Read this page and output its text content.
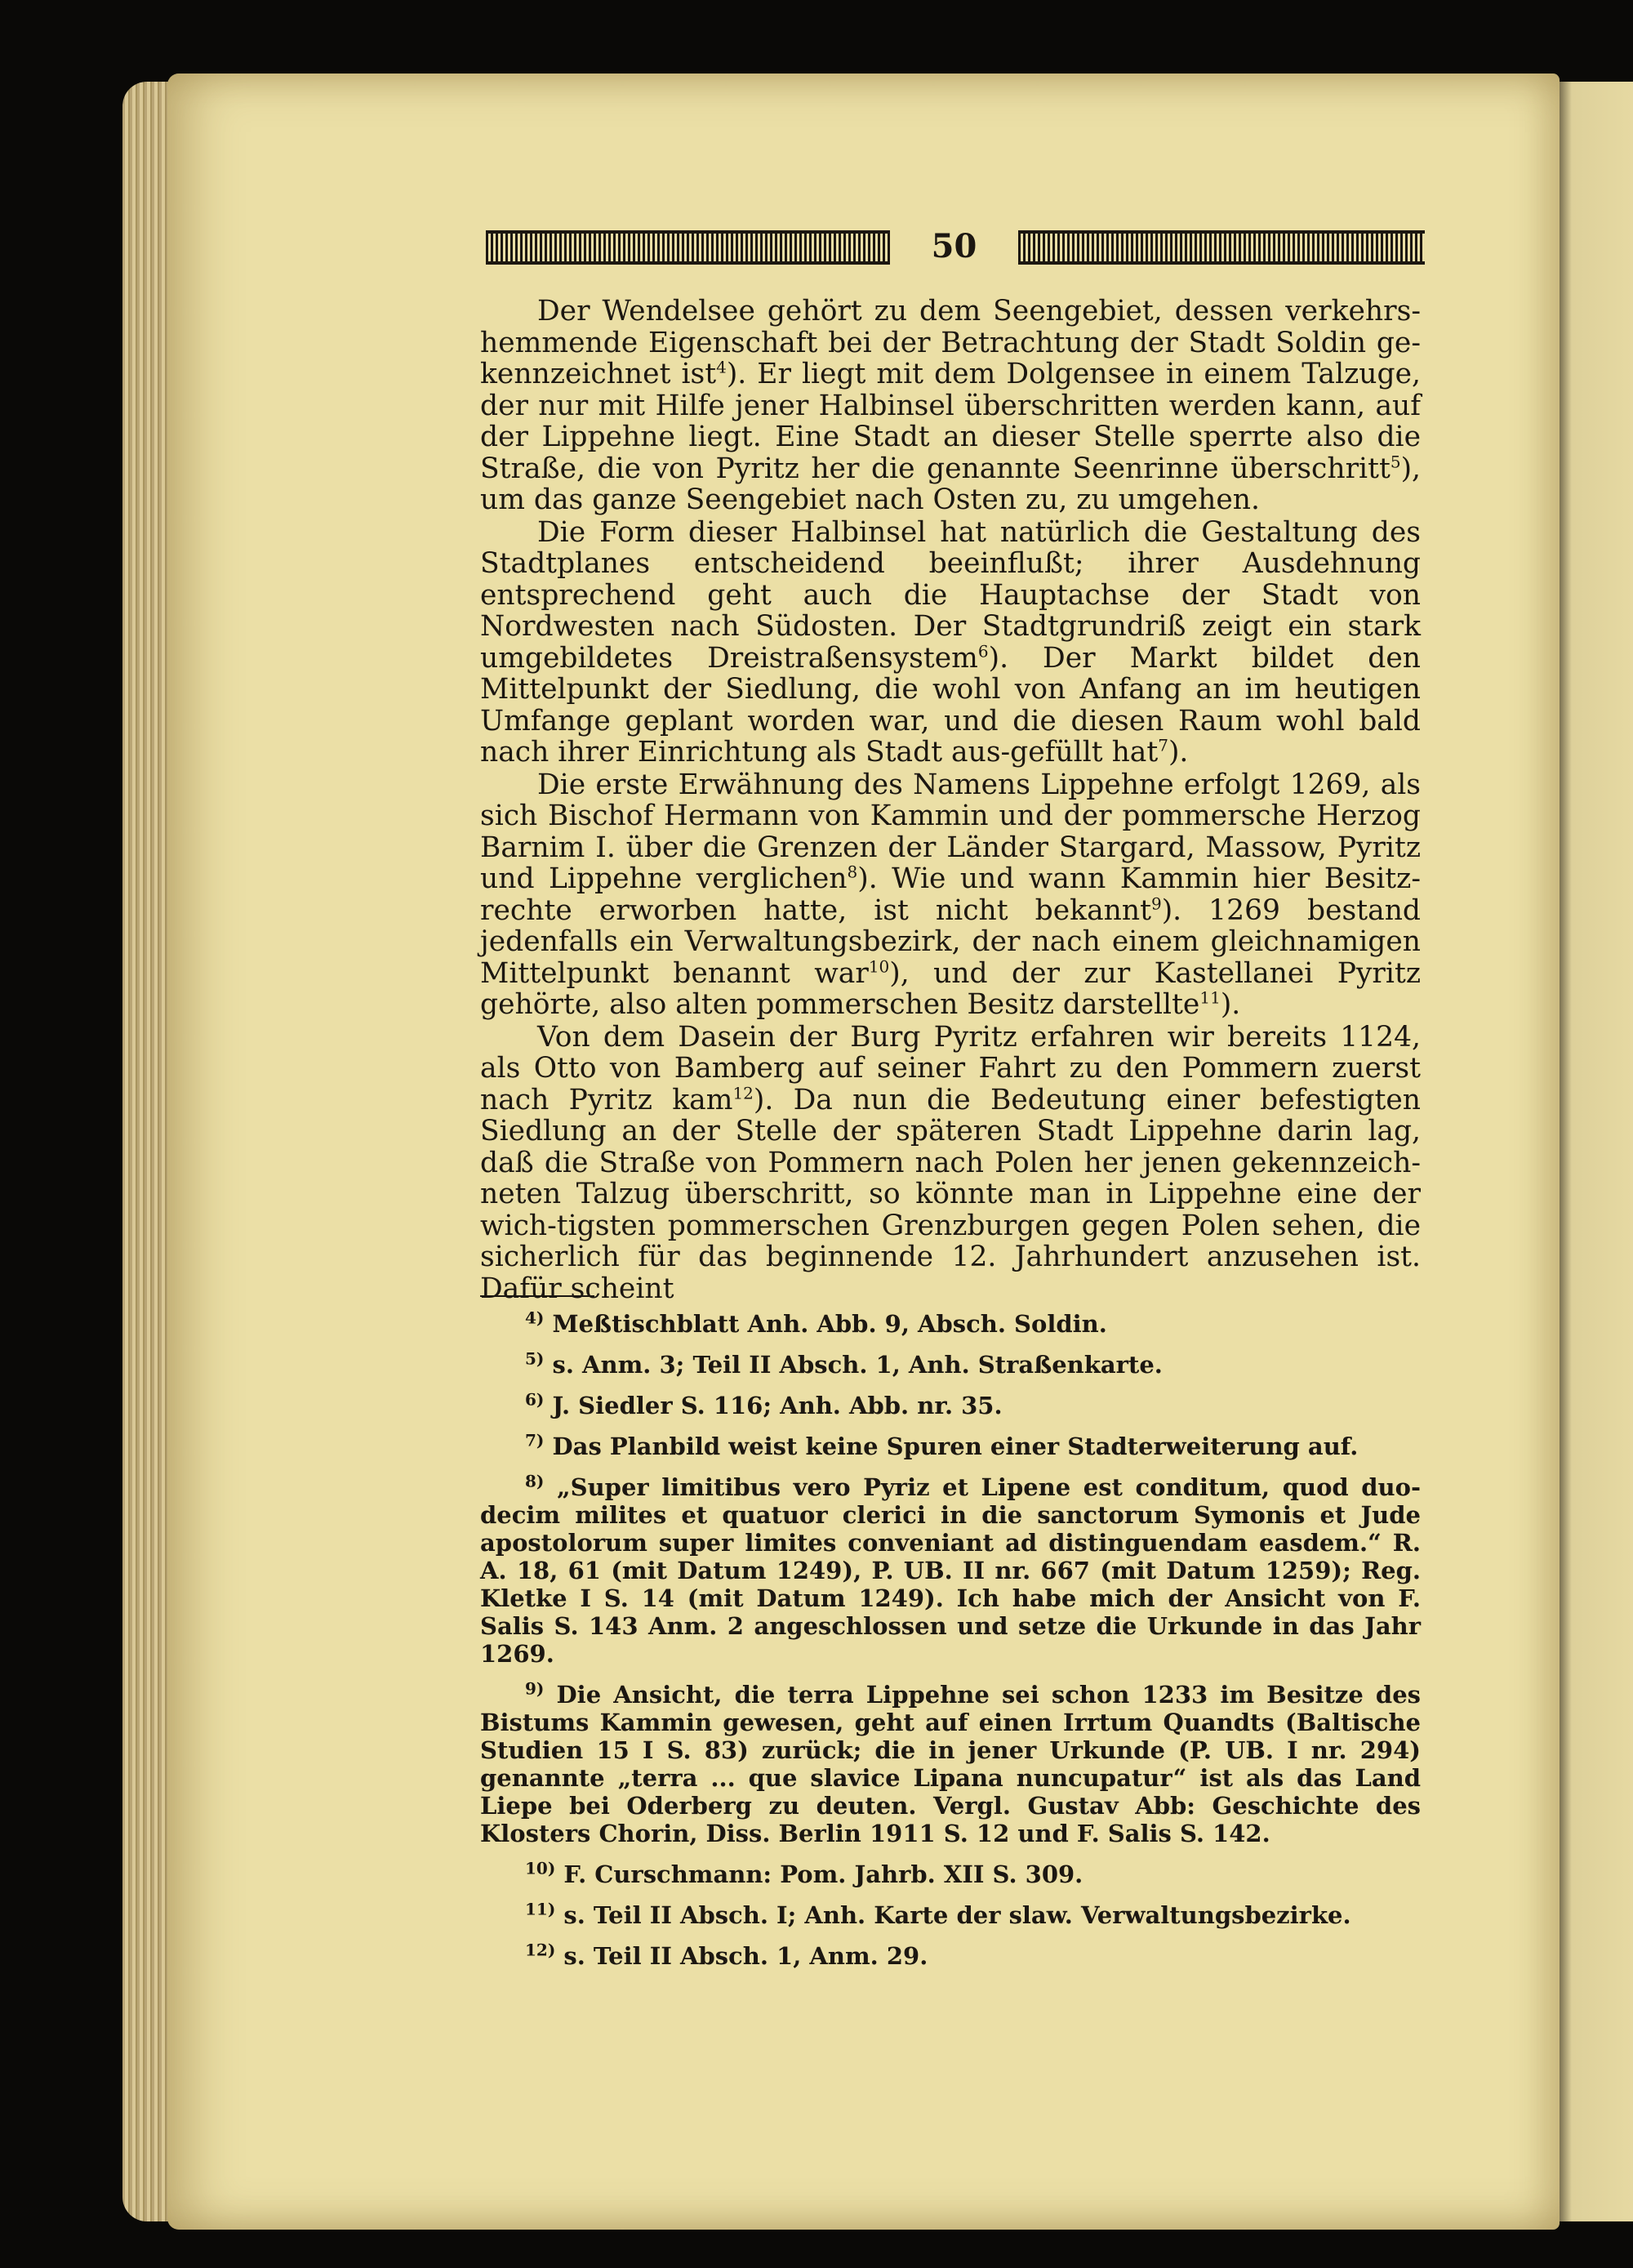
50

Der Wendelsee gehört zu dem Seengebiet, dessen verkehrs-hemmende Eigenschaft bei der Betrachtung der Stadt Soldin ge-kennzeichnet ist$^4$). Er liegt mit dem Dolgensee in einem Talzuge, der nur mit Hilfe jener Halbinsel überschritten werden kann, auf der Lippehne liegt. Eine Stadt an dieser Stelle sperrte also die Straße, die von Pyritz her die genannte Seenrinne überschritt$^5$), um das ganze Seengebiet nach Osten zu, zu umgehen.

Die Form dieser Halbinsel hat natürlich die Gestaltung des Stadtplanes entscheidend beeinflußt; ihrer Ausdehnung entsprechend geht auch die Hauptachse der Stadt von Nordwesten nach Südosten. Der Stadtgrundriß zeigt ein stark umgebildetes Dreistraßensystem$^6$). Der Markt bildet den Mittelpunkt der Siedlung, die wohl von Anfang an im heutigen Umfange geplant worden war, und die diesen Raum wohl bald nach ihrer Einrichtung als Stadt aus-gefüllt hat$^7$).

Die erste Erwähnung des Namens Lippehne erfolgt 1269, als sich Bischof Hermann von Kammin und der pommersche Herzog Barnim I. über die Grenzen der Länder Stargard, Massow, Pyritz und Lippehne verglichen$^8$). Wie und wann Kammin hier Besitz-rechte erworben hatte, ist nicht bekannt$^9$). 1269 bestand jedenfalls ein Verwaltungsbezirk, der nach einem gleichnamigen Mittelpunkt benannt war$^{10}$), und der zur Kastellanei Pyritz gehörte, also alten pommerschen Besitz darstellte$^{11}$).

Von dem Dasein der Burg Pyritz erfahren wir bereits 1124, als Otto von Bamberg auf seiner Fahrt zu den Pommern zuerst nach Pyritz kam$^{12}$). Da nun die Bedeutung einer befestigten Siedlung an der Stelle der späteren Stadt Lippehne darin lag, daß die Straße von Pommern nach Polen her jenen gekennzeich-neten Talzug überschritt, so könnte man in Lippehne eine der wich-tigsten pommerschen Grenzburgen gegen Polen sehen, die sicherlich für das beginnende 12. Jahrhundert anzusehen ist. Dafür scheint

$^{4)}$ Meßtischblatt Anh. Abb. 9, Absch. Soldin.

$^{5)}$ s. Anm. 3; Teil II Absch. 1, Anh. Straßenkarte.

$^{6)}$ J. Siedler S. 116; Anh. Abb. nr. 35.

$^{7)}$ Das Planbild weist keine Spuren einer Stadterweiterung auf.

$^{8)}$ „Super limitibus vero Pyriz et Lipene est conditum, quod duo-decim milites et quatuor clerici in die sanctorum Symonis et Jude apostolorum super limites conveniant ad distinguendam easdem.“ R. A. 18, 61 (mit Datum 1249), P. UB. II nr. 667 (mit Datum 1259); Reg. Kletke I S. 14 (mit Datum 1249). Ich habe mich der Ansicht von F. Salis S. 143 Anm. 2 angeschlossen und setze die Urkunde in das Jahr 1269.

$^{9)}$ Die Ansicht, die terra Lippehne sei schon 1233 im Besitze des Bistums Kammin gewesen, geht auf einen Irrtum Quandts (Baltische Studien 15 I S. 83) zurück; die in jener Urkunde (P. UB. I nr. 294) genannte „terra ... que slavice Lipana nuncupatur“ ist als das Land Liepe bei Oderberg zu deuten. Vergl. Gustav Abb: Geschichte des Klosters Chorin, Diss. Berlin 1911 S. 12 und F. Salis S. 142.

$^{10)}$ F. Curschmann: Pom. Jahrb. XII S. 309.

$^{11)}$ s. Teil II Absch. I; Anh. Karte der slaw. Verwaltungsbezirke.

$^{12)}$ s. Teil II Absch. 1, Anm. 29.
